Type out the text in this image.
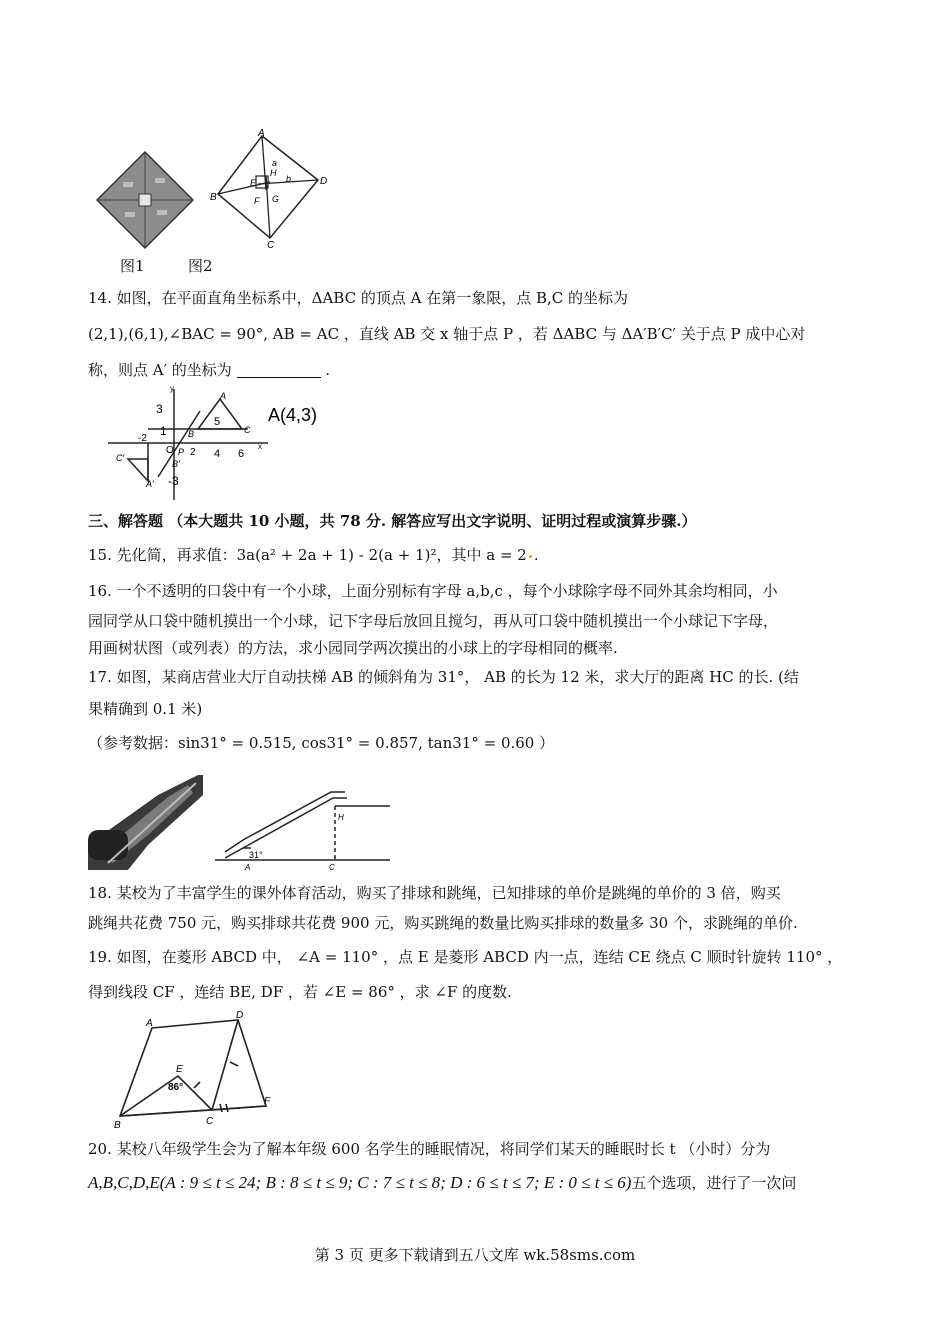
A
B
C
D
E
F G
H
a
b
图1	图2
14. 如图，在平面直角坐标系中，ΔABC 的顶点 A 在第一象限，点 B,C 的坐标为
(2,1),(6,1),∠BAC = 90°, AB = AC ，直线 AB 交 x 轴于点 P ，若 ΔABC 与 ΔA′B′C′ 关于点 P 成中心对
称，则点 A′ 的坐标为	.
y
x
3
1
-2
O 2 4 6
-3
A
B	C
P
C′
B′
A′
5	A(4,3)
三、解答题 （本大题共 10 小题，共 78 分. 解答应写出文字说明、证明过程或演算步骤.）
15. 先化简，再求值：3a(a² + 2a + 1) - 2(a + 1)²，其中 a = 2 .
16. 一个不透明的口袋中有一个小球，上面分别标有字母 a,b,c ，每个小球除字母不同外其余均相同，小
园同学从口袋中随机摸出一个小球，记下字母后放回且搅匀，再从可口袋中随机摸出一个小球记下字母，
用画树状图（或列表）的方法，求小园同学两次摸出的小球上的字母相同的概率.
17. 如图，某商店营业大厅自动扶梯 AB 的倾斜角为 31°， AB 的长为 12 米，求大厅的距离 HC 的长. (结
果精确到 0.1 米)
（参考数据：sin31° = 0.515, cos31° = 0.857, tan31° = 0.60 ）
31°
H
A	C
18. 某校为了丰富学生的课外体育活动，购买了排球和跳绳，已知排球的单价是跳绳的单价的 3 倍，购买
跳绳共花费 750 元，购买排球共花费 900 元，购买跳绳的数量比购买排球的数量多 30 个，求跳绳的单价.
19. 如图，在菱形 ABCD 中， ∠A = 110° ，点 E 是菱形 ABCD 内一点，连结 CE 绕点 C 顺时针旋转 110° ，
得到线段 CF ，连结 BE, DF ，若 ∠E = 86° ，求 ∠F 的度数.
A
D
B	C
E
F
86°
20. 某校八年级学生会为了解本年级 600 名学生的睡眠情况，将同学们某天的睡眠时长 t （小时）分为
A,B,C,D,E(A : 9 ≤ t ≤ 24; B : 8 ≤ t ≤ 9; C : 7 ≤ t ≤ 8; D : 6 ≤ t ≤ 7; E : 0 ≤ t ≤ 6)五个选项，进行了一次问
第 3 页 更多下载请到五八文库 wk.58sms.com
